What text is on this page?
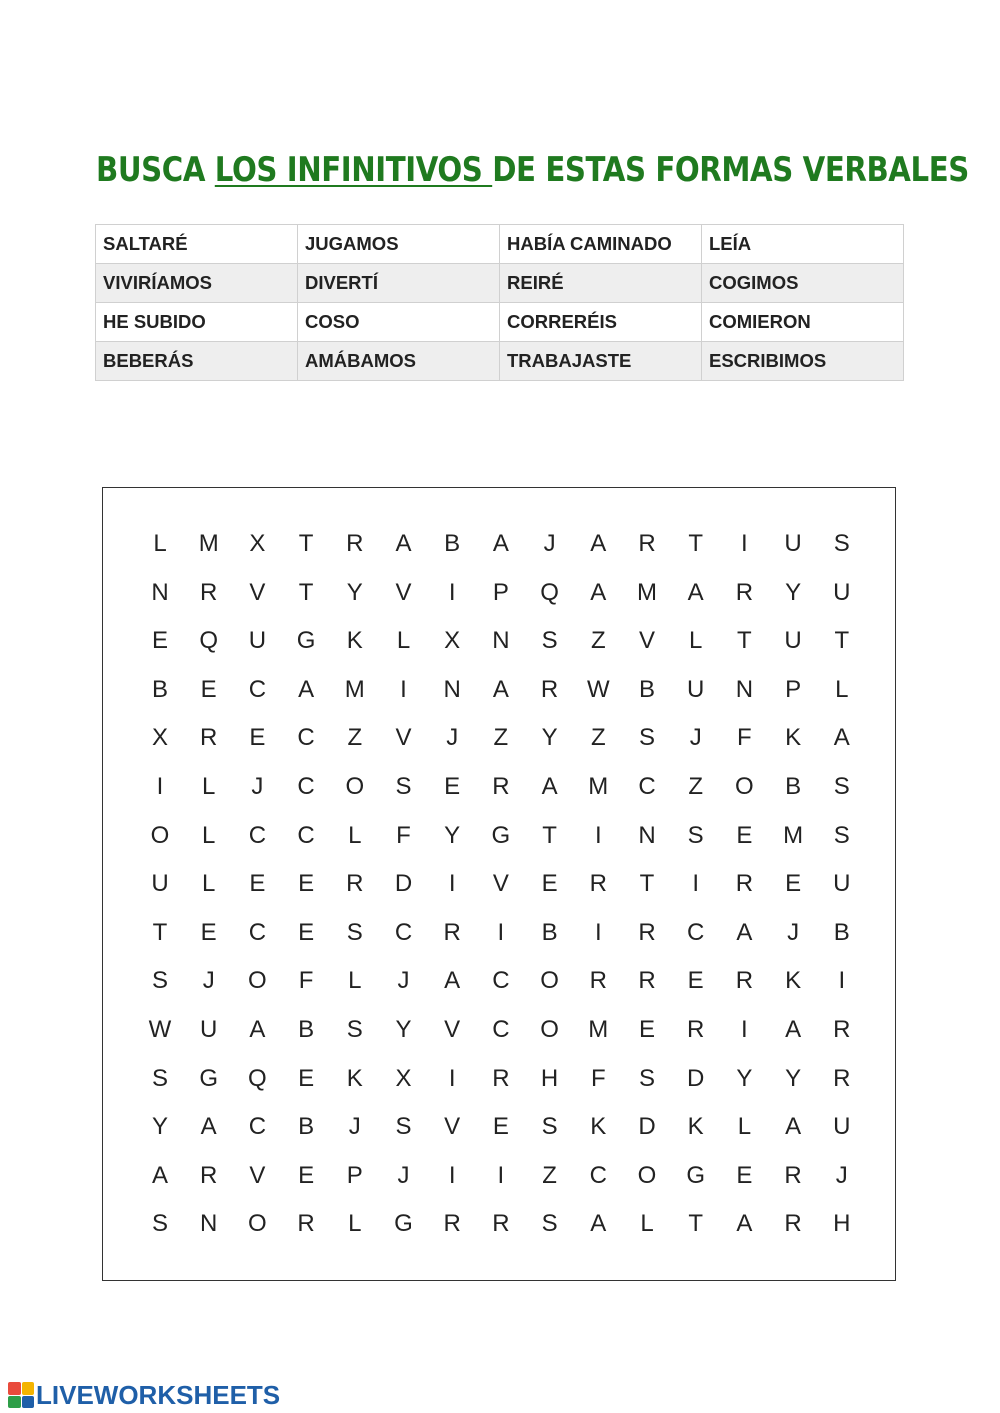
BUSCA LOS INFINITIVOS DE ESTAS FORMAS VERBALES
SALTARÉ	JUGAMOS	HABÍA CAMINADO	LEÍA
VIVIRÍAMOS	DIVERTÍ	REIRÉ	COGIMOS
HE SUBIDO	COSO	CORRERÉIS	COMIERON
BEBERÁS	AMÁBAMOS	TRABAJASTE	ESCRIBIMOS
L	M	X	T	R	A	B	A	J	A	R	T	I	U	S
N	R	V	T	Y	V	I	P	Q	A	M	A	R	Y	U
E	Q	U	G	K	L	X	N	S	Z	V	L	T	U	T
B	E	C	A	M	I	N	A	R	W	B	U	N	P	L
X	R	E	C	Z	V	J	Z	Y	Z	S	J	F	K	A
I	L	J	C	O	S	E	R	A	M	C	Z	O	B	S
O	L	C	C	L	F	Y	G	T	I	N	S	E	M	S
U	L	E	E	R	D	I	V	E	R	T	I	R	E	U
T	E	C	E	S	C	R	I	B	I	R	C	A	J	B
S	J	O	F	L	J	A	C	O	R	R	E	R	K	I
W	U	A	B	S	Y	V	C	O	M	E	R	I	A	R
S	G	Q	E	K	X	I	R	H	F	S	D	Y	Y	R
Y	A	C	B	J	S	V	E	S	K	D	K	L	A	U
A	R	V	E	P	J	I	I	Z	C	O	G	E	R	J
S	N	O	R	L	G	R	R	S	A	L	T	A	R	H
LIVEWORKSHEETS
